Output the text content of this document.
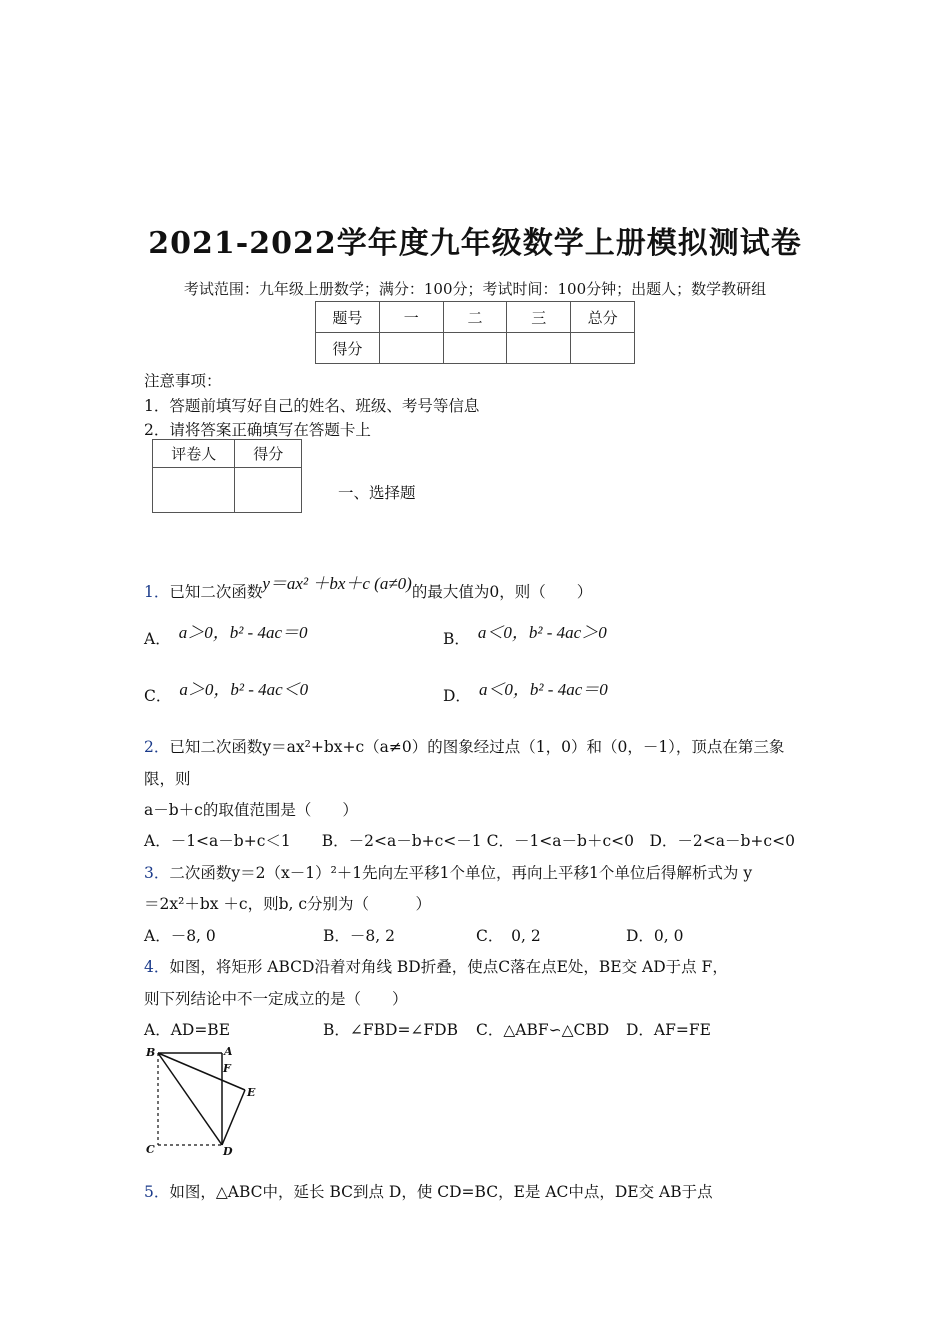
2021-2022学年度九年级数学上册模拟测试卷
考试范围：九年级上册数学；满分：100分；考试时间：100分钟；出题人；数学教研组
题号	一	二	三	总分
得分				
注意事项：
1．答题前填写好自己的姓名、班级、考号等信息
2．请将答案正确填写在答题卡上
评卷人	得分

一、选择题
1．已知二次函数y＝ax² ＋bx＋c (a≠0)的最大值为0，则（　　）
A． a＞0，b² - 4ac＝0	B． a＜0，b² - 4ac＞0
C． a＞0，b² - 4ac＜0	D． a＜0，b² - 4ac＝0
2．已知二次函数y＝ax²+bx+c（a≠0）的图象经过点（1，0）和（0，－1），顶点在第三象
限，则
a－b＋c的取值范围是（　　）
A．－1<a－b+c＜1　　B．－2<a－b+c<－1 C．－1<a－b＋c<0　D．－2<a－b+c<0
3．二次函数y＝2（x－1）²＋1先向左平移1个单位，再向上平移1个单位后得解析式为 y
＝2x²＋bx ＋c，则b, c分别为（　　　）
A．－8, 0	B．－8, 2	C．　0, 2	D．0, 0
4．如图，将矩形 ABCD沿着对角线 BD折叠，使点C落在点E处，BE交 AD于点 F，
则下列结论中不一定成立的是（　　）
A．AD=BE	B．∠FBD=∠FDB C．△ABF∽△CBD D．AF=FE
B	A
F
E
C	D
5．如图，△ABC中，延长 BC到点 D，使 CD=BC，E是 AC中点，DE交 AB于点
